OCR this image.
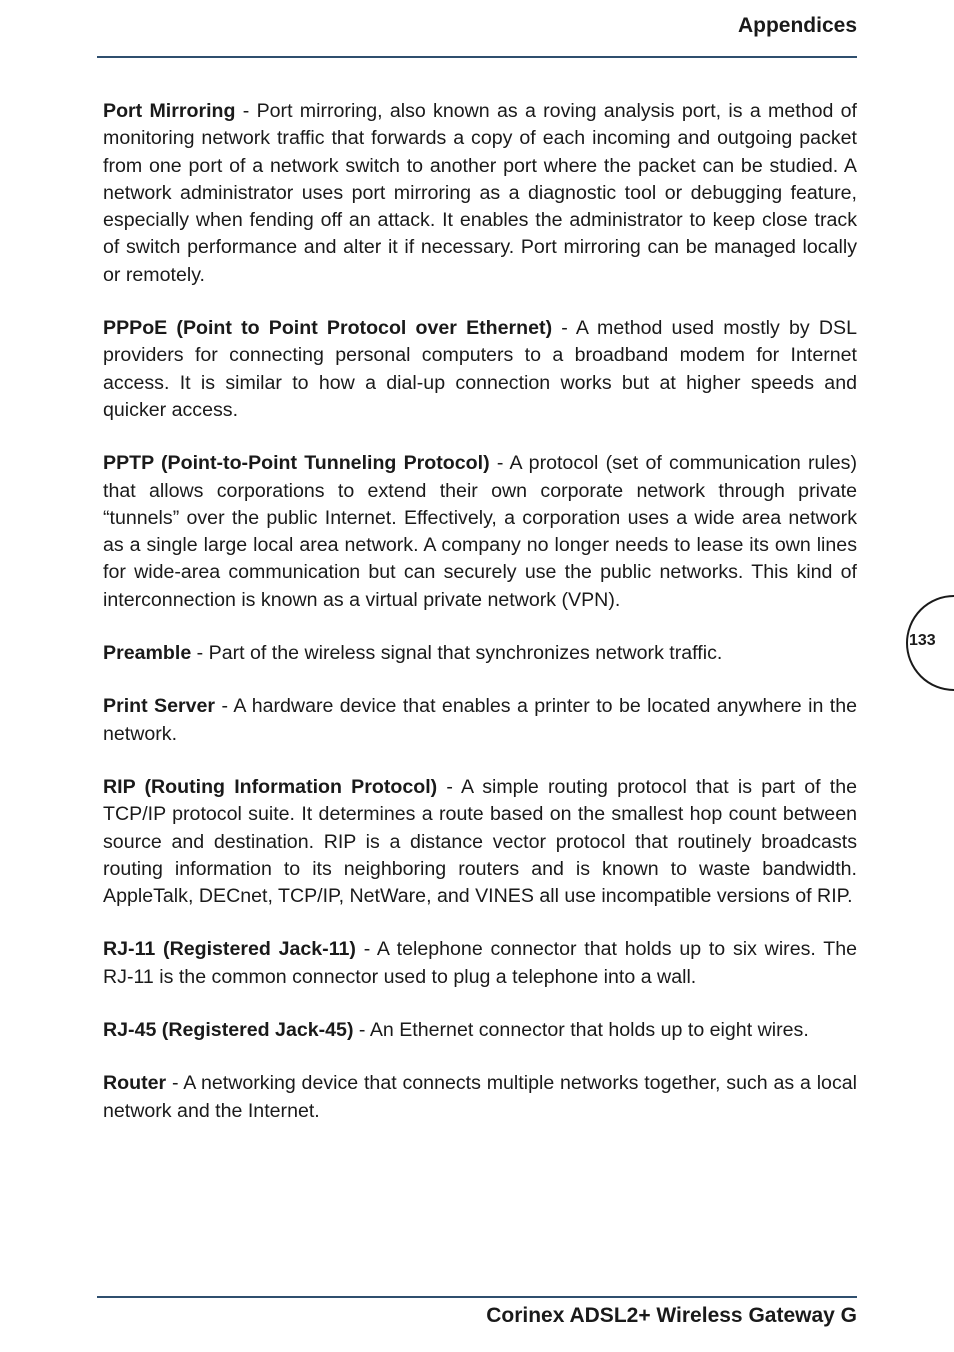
Appendices

Port Mirroring - Port mirroring, also known as a roving analysis port, is a method of monitoring network traffic that forwards a copy of each incoming and outgoing packet from one port of a network switch to another port where the packet can be studied. A network administrator uses port mirroring as a diagnostic tool or debugging feature, especially when fending off an attack. It enables the administrator to keep close track of switch performance and alter it if necessary. Port mirroring can be managed locally or remotely.

PPPoE (Point to Point Protocol over Ethernet) - A method used mostly by DSL providers for connecting personal computers to a broadband modem for Internet access. It is similar to how a dial-up connection works but at higher speeds and quicker access.

PPTP (Point-to-Point Tunneling Protocol) - A protocol (set of communication rules) that allows corporations to extend their own corporate network through private “tunnels” over the public Internet. Effectively, a corporation uses a wide area network as a single large local area network. A company no longer needs to lease its own lines for wide-area communication but can securely use the public networks. This kind of interconnection is known as a virtual private network (VPN).

Preamble - Part of the wireless signal that synchronizes network traffic.

Print Server - A hardware device that enables a printer to be located anywhere in the network.

RIP (Routing Information Protocol) - A simple routing protocol that is part of the TCP/IP protocol suite. It determines a route based on the smallest hop count between source and destination. RIP is a distance vector protocol that routinely broadcasts routing information to its neighboring routers and is known to waste bandwidth. AppleTalk, DECnet, TCP/IP, NetWare, and VINES all use incompatible versions of RIP.

RJ-11 (Registered Jack-11) - A telephone connector that holds up to six wires. The RJ-11 is the common connector used to plug a telephone into a wall.

RJ-45 (Registered Jack-45) - An Ethernet connector that holds up to eight wires.

Router - A networking device that connects multiple networks together, such as a local network and the Internet.

133
Corinex ADSL2+ Wireless Gateway G
